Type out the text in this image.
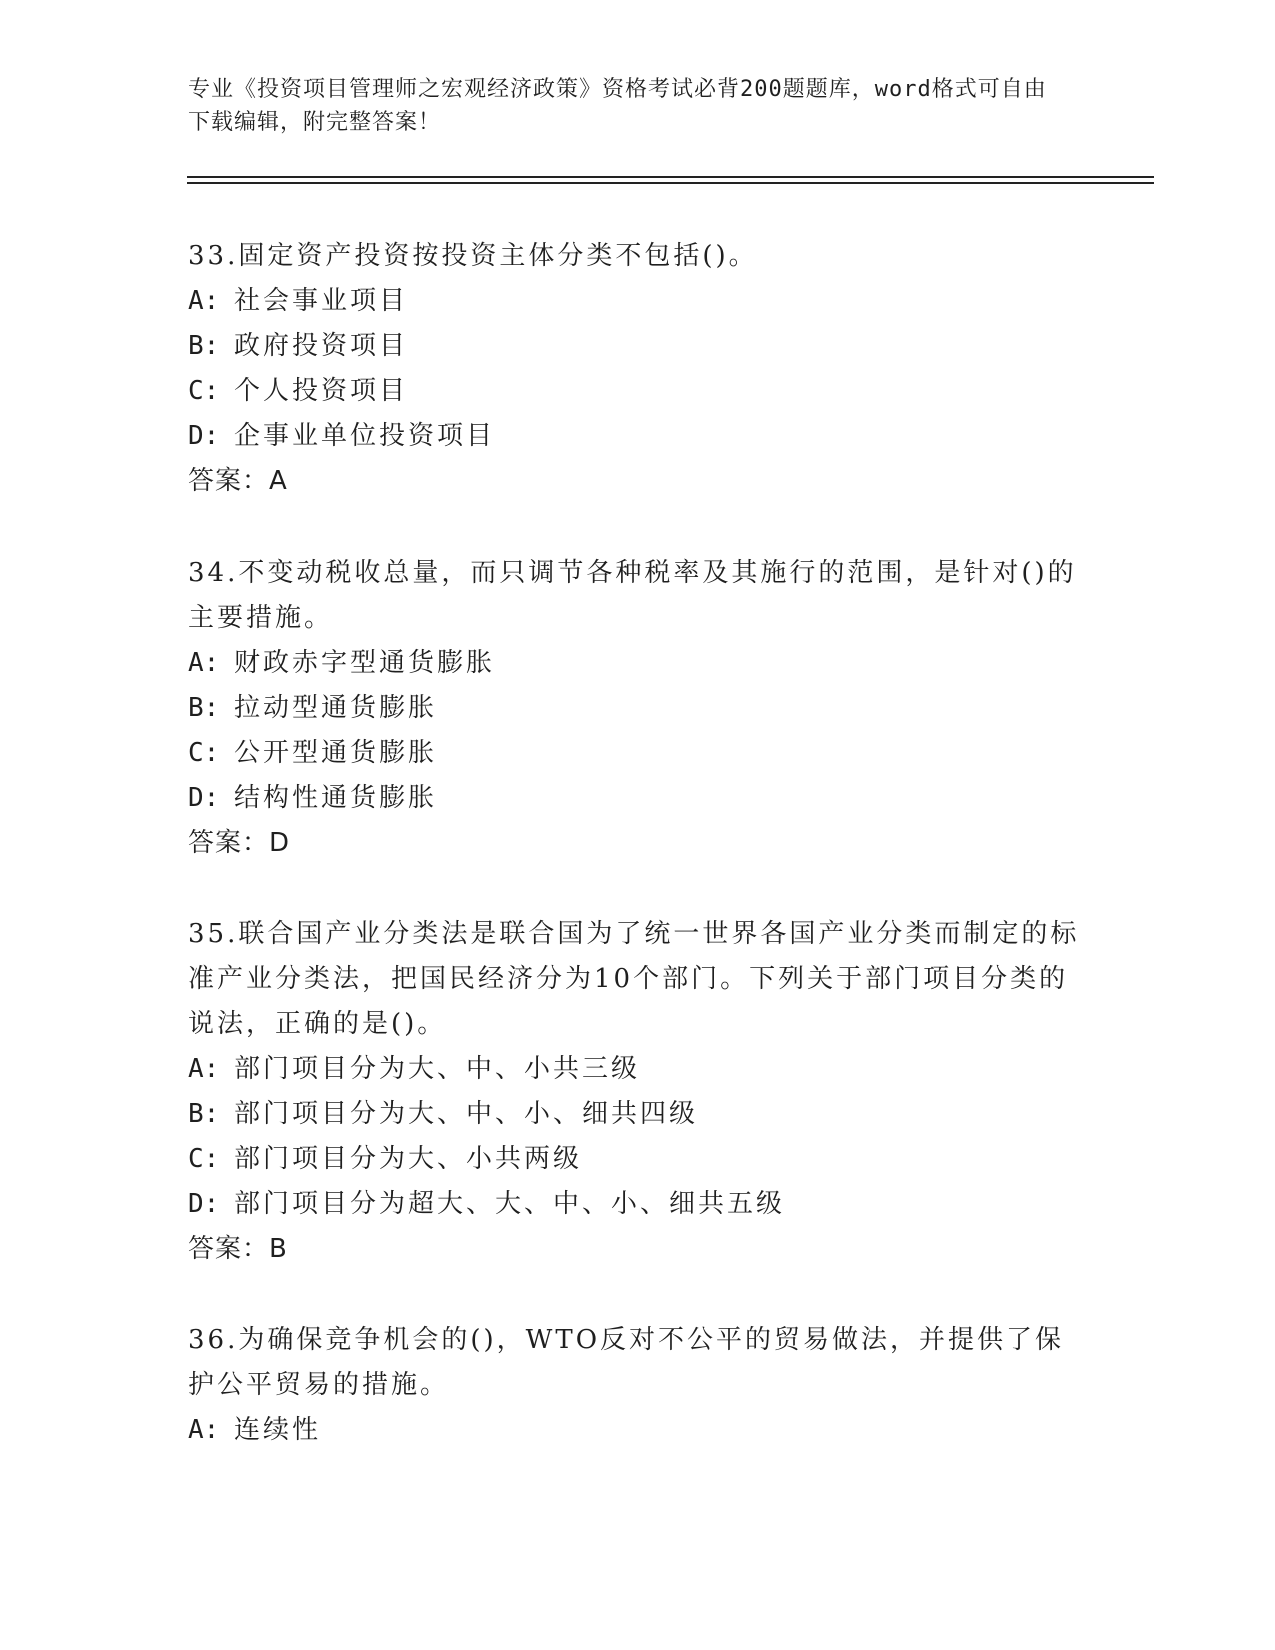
专业《投资项目管理师之宏观经济政策》资格考试必背200题题库，word格式可自由下载编辑，附完整答案！

33.固定资产投资按投资主体分类不包括()。

A: 社会事业项目

B: 政府投资项目

C: 个人投资项目

D: 企事业单位投资项目

答案：A

34.不变动税收总量，而只调节各种税率及其施行的范围，是针对()的主要措施。

A: 财政赤字型通货膨胀

B: 拉动型通货膨胀

C: 公开型通货膨胀

D: 结构性通货膨胀

答案：D

35.联合国产业分类法是联合国为了统一世界各国产业分类而制定的标准产业分类法，把国民经济分为10个部门。下列关于部门项目分类的说法，正确的是()。

A: 部门项目分为大、中、小共三级

B: 部门项目分为大、中、小、细共四级

C: 部门项目分为大、小共两级

D: 部门项目分为超大、大、中、小、细共五级

答案：B

36.为确保竞争机会的()，WTO反对不公平的贸易做法，并提供了保护公平贸易的措施。

A: 连续性
